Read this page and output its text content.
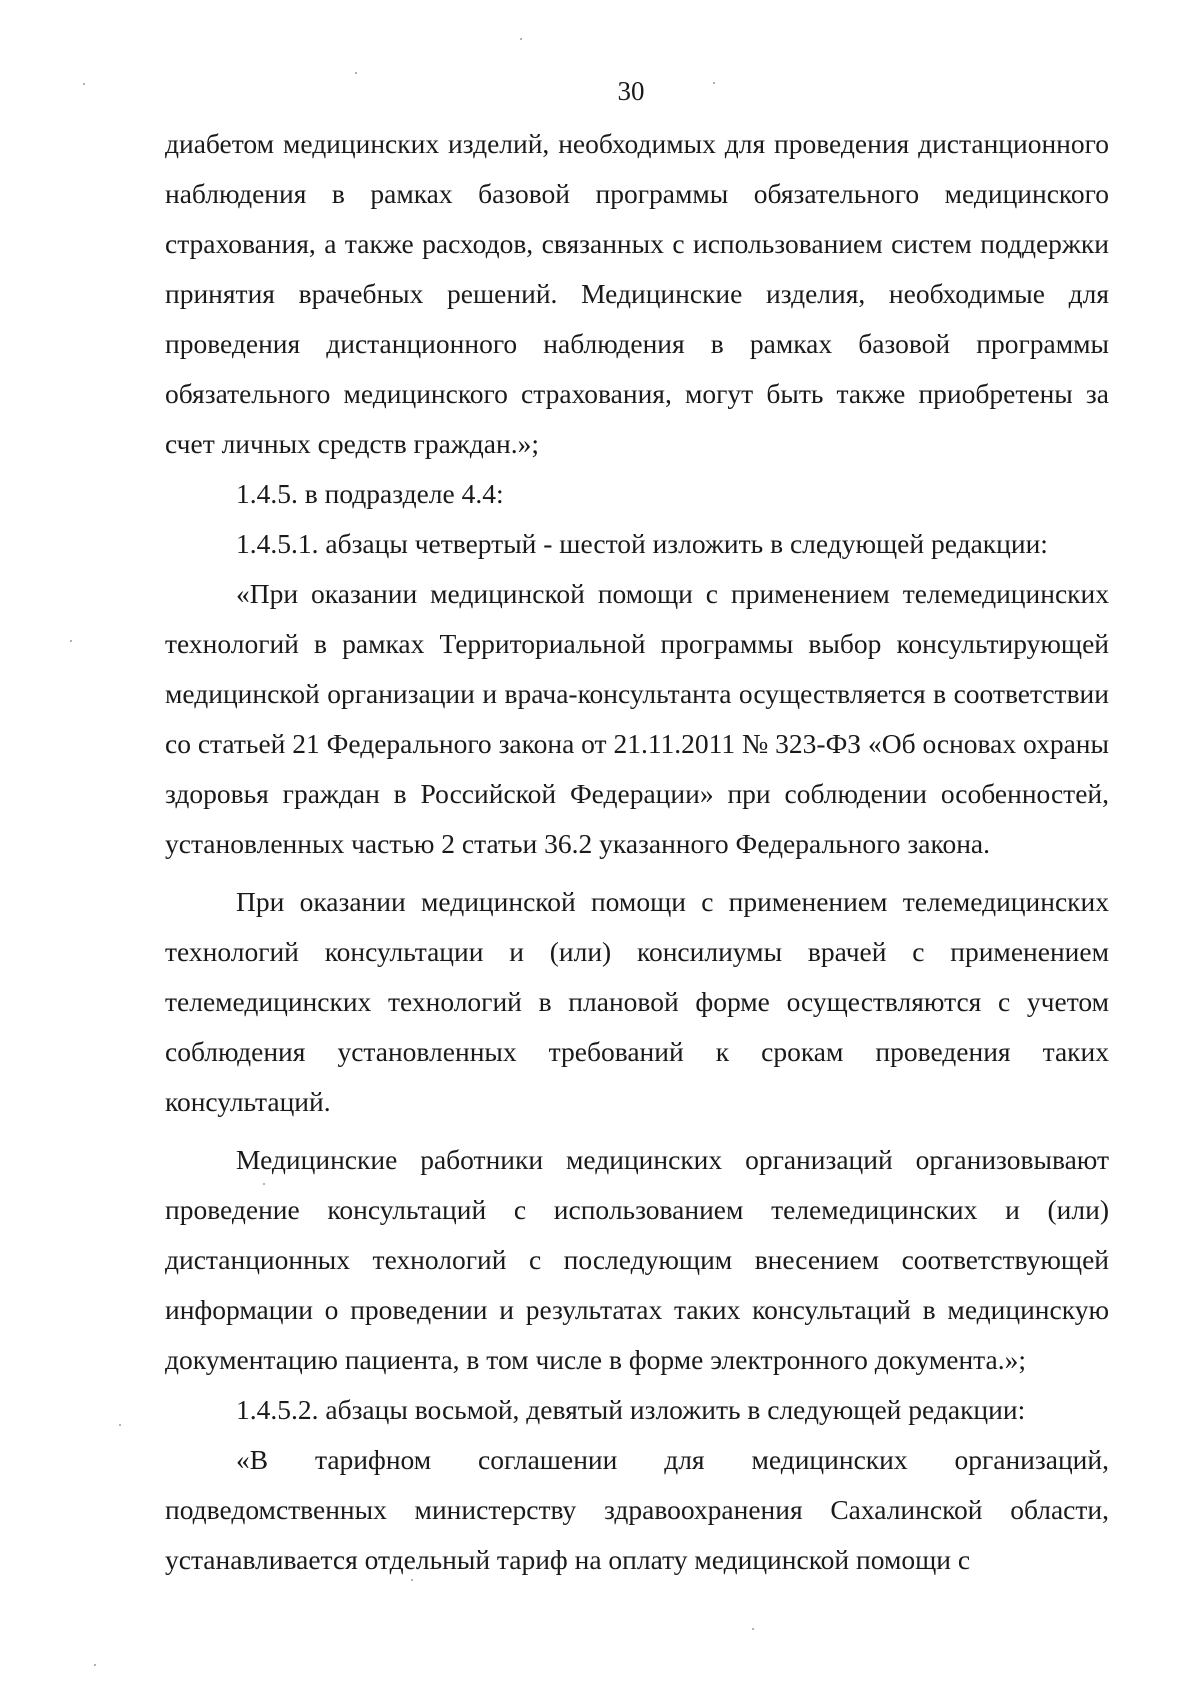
30

диабетом медицинских изделий, необходимых для проведения дистанционного наблюдения в рамках базовой программы обязательного медицинского страхования, а также расходов, связанных с использованием систем поддержки принятия врачебных решений. Медицинские изделия, необходимые для проведения дистанционного наблюдения в рамках базовой программы обязательного медицинского страхования, могут быть также приобретены за счет личных средств граждан.»;

1.4.5. в подразделе 4.4:

1.4.5.1. абзацы четвертый - шестой изложить в следующей редакции:

«При оказании медицинской помощи с применением телемедицинских технологий в рамках Территориальной программы выбор консультирующей медицинской организации и врача-консультанта осуществляется в соответствии со статьей 21 Федерального закона от 21.11.2011 № 323-ФЗ «Об основах охраны здоровья граждан в Российской Федерации» при соблюдении особенностей, установленных частью 2 статьи 36.2 указанного Федерального закона.

При оказании медицинской помощи с применением телемедицинских технологий консультации и (или) консилиумы врачей с применением телемедицинских технологий в плановой форме осуществляются с учетом соблюдения установленных требований к срокам проведения таких консультаций.

Медицинские работники медицинских организаций организовывают проведение консультаций с использованием телемедицинских и (или) дистанционных технологий с последующим внесением соответствующей информации о проведении и результатах таких консультаций в медицинскую документацию пациента, в том числе в форме электронного документа.»;

1.4.5.2. абзацы восьмой, девятый изложить в следующей редакции:

«В тарифном соглашении для медицинских организаций, подведомственных министерству здравоохранения Сахалинской области, устанавливается отдельный тариф на оплату медицинской помощи с
